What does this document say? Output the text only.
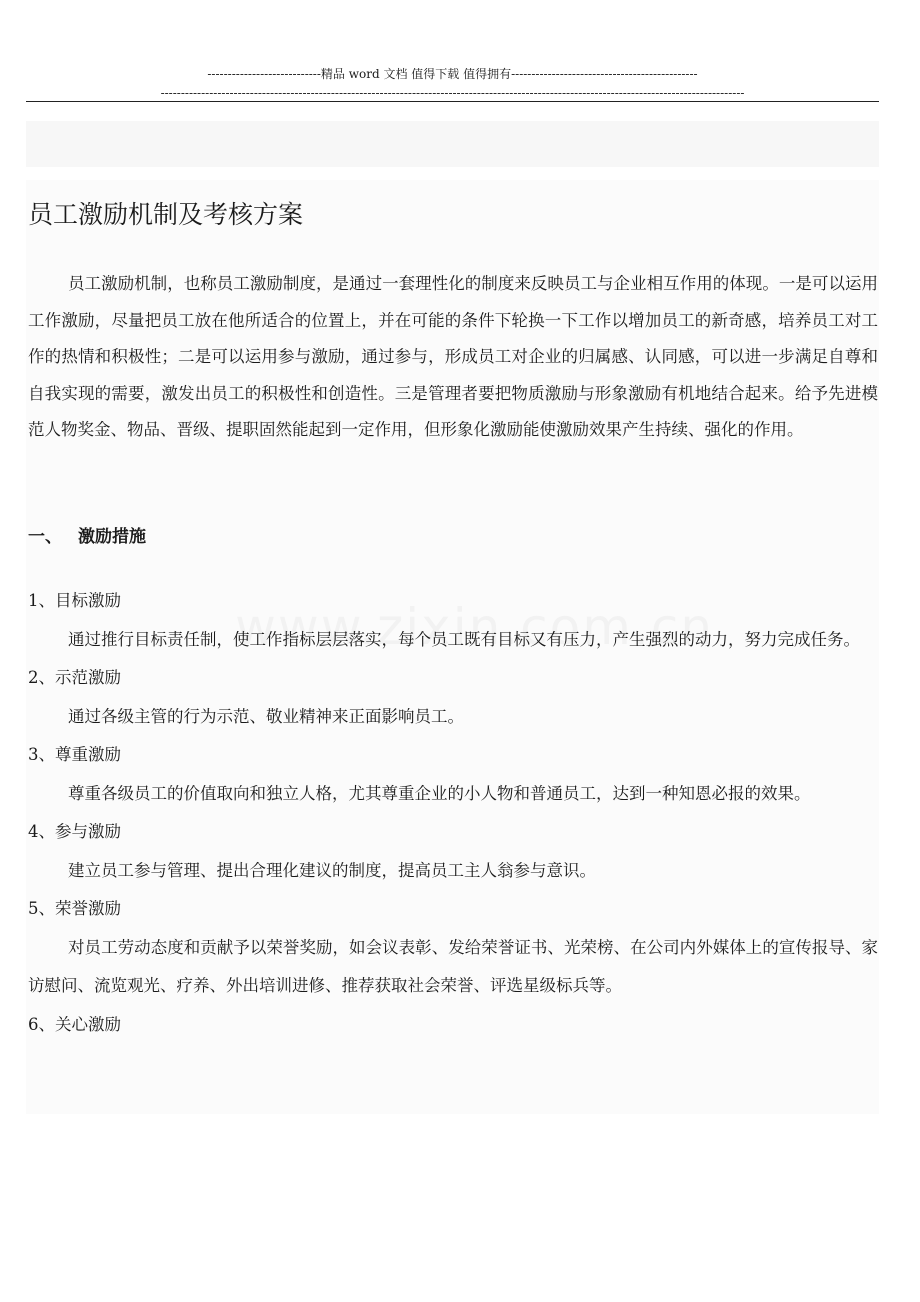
----------------------------精品 word 文档 值得下载 值得拥有----------------------------------------------
------------------------------------------------------------------------------------------------------------------------------------------------
员工激励机制及考核方案

员工激励机制，也称员工激励制度，是通过一套理性化的制度来反映员工与企业相互作用的体现。一是可以运用工作激励，尽量把员工放在他所适合的位置上，并在可能的条件下轮换一下工作以增加员工的新奇感，培养员工对工作的热情和积极性；二是可以运用参与激励，通过参与，形成员工对企业的归属感、认同感，可以进一步满足自尊和自我实现的需要，激发出员工的积极性和创造性。三是管理者要把物质激励与形象激励有机地结合起来。给予先进模范人物奖金、物品、晋级、提职固然能起到一定作用，但形象化激励能使激励效果产生持续、强化的作用。

一、 激励措施

1、目标激励

通过推行目标责任制，使工作指标层层落实，每个员工既有目标又有压力，产生强烈的动力，努力完成任务。

2、示范激励

通过各级主管的行为示范、敬业精神来正面影响员工。

3、尊重激励

尊重各级员工的价值取向和独立人格，尤其尊重企业的小人物和普通员工，达到一种知恩必报的效果。

4、参与激励

建立员工参与管理、提出合理化建议的制度，提高员工主人翁参与意识。

5、荣誉激励

对员工劳动态度和贡献予以荣誉奖励，如会议表彰、发给荣誉证书、光荣榜、在公司内外媒体上的宣传报导、家访慰问、流览观光、疗养、外出培训进修、推荐获取社会荣誉、评选星级标兵等。

6、关心激励
